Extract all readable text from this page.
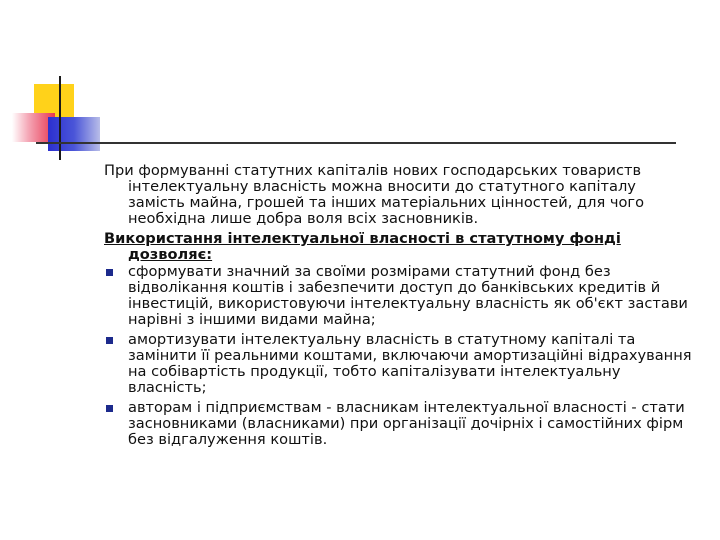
При формуванні статутних капіталів нових господарських товариств інтелектуальну власність можна вносити до статутного капіталу замість майна, грошей та інших матеріальних цінностей, для чого необхідна лише добра воля всіх засновників.

Використання інтелектуальної власності в статутному фонді дозволяє:

сформувати значний за своїми розмірами статутний фонд без відволікання коштів і забезпечити доступ до банківських кредитів й інвестицій, використовуючи інтелектуальну власність як об'єкт застави нарівні з іншими видами майна;
амортизувати інтелектуальну власність в статутному капіталі та замінити її реальними коштами, включаючи амортизаційні відрахування на собівартість продукції, тобто капіталізувати інтелектуальну власність;
авторам і підприємствам - власникам інтелектуальної власності - стати засновниками (власниками) при організації дочірніх і самостійних фірм без відгалуження коштів.
